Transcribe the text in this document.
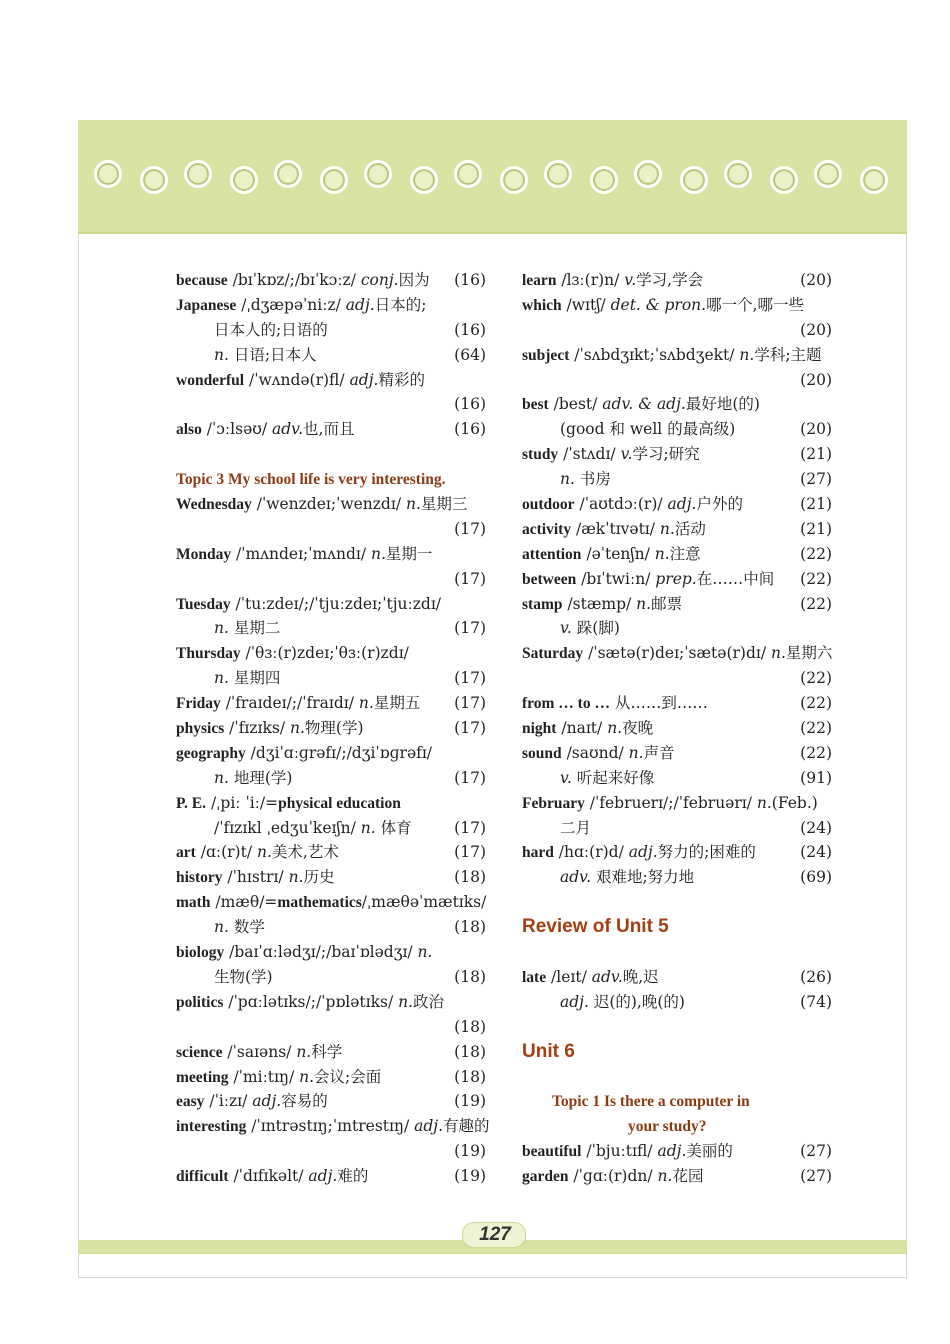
because /bɪˈkɒz/;/bɪˈkɔːz/ conj.因为 (16)
Japanese /ˌdʒæpəˈniːz/ adj.日本的;
日本人的;日语的	(16)
n. 日语;日本人	(64)
wonderful /ˈwʌndə(r)fl/ adj.精彩的
(16)
also /ˈɔːlsəʊ/ adv.也,而且	(16)
Topic 3 My school life is very interesting.
Wednesday /ˈwenzdeɪ;ˈwenzdɪ/ n.星期三
(17)
Monday /ˈmʌndeɪ;ˈmʌndɪ/ n.星期一
(17)
Tuesday /ˈtuːzdeɪ/;/ˈtjuːzdeɪ;ˈtjuːzdɪ/
n. 星期二	(17)
Thursday /ˈθɜː(r)zdeɪ;ˈθɜː(r)zdɪ/
n. 星期四	(17)
Friday /ˈfraɪdeɪ/;/ˈfraɪdɪ/ n.星期五 (17)
physics /ˈfɪzɪks/ n.物理(学)	(17)
geography /dʒiˈɑːɡrəfɪ/;/dʒiˈɒɡrəfɪ/
n. 地理(学)	(17)
P. E. /ˌpiː ˈiː/=physical education
/ˈfɪzɪkl ˌedʒuˈkeɪʃn/ n. 体育	(17)
art /ɑː(r)t/ n.美术,艺术	(17)
history /ˈhɪstrɪ/ n.历史	(18)
math /mæθ/=mathematics/ˌmæθəˈmætɪks/
n. 数学	(18)
biology /baɪˈɑːlədʒɪ/;/baɪˈɒlədʒɪ/ n.
生物(学)	(18)
politics /ˈpɑːlətɪks/;/ˈpɒlətɪks/ n.政治
(18)
science /ˈsaɪəns/ n.科学	(18)
meeting /ˈmiːtɪŋ/ n.会议;会面	(18)
easy /ˈiːzɪ/ adj.容易的	(19)
interesting /ˈɪntrəstɪŋ;ˈɪntrestɪŋ/ adj.有趣的
(19)
difficult /ˈdɪfɪkəlt/ adj.难的	(19)
learn /lɜː(r)n/ v.学习,学会	(20)
which /wɪtʃ/ det. & pron.哪一个,哪一些
(20)
subject /ˈsʌbdʒɪkt;ˈsʌbdʒekt/ n.学科;主题
(20)
best /best/ adv. & adj.最好地(的)
(good 和 well 的最高级)	(20)
study /ˈstʌdɪ/ v.学习;研究	(21)
n. 书房	(27)
outdoor /ˈaʊtdɔː(r)/ adj.户外的	(21)
activity /ækˈtɪvətɪ/ n.活动	(21)
attention /əˈtenʃn/ n.注意	(22)
between /bɪˈtwiːn/ prep.在……中间 (22)
stamp /stæmp/ n.邮票	(22)
v. 跺(脚)
Saturday /ˈsætə(r)deɪ;ˈsætə(r)dɪ/ n.星期六
(22)
from … to … 从……到……	(22)
night /naɪt/ n.夜晚	(22)
sound /saʊnd/ n.声音	(22)
v. 听起来好像	(91)
February /ˈfebruerɪ/;/ˈfebruərɪ/ n.(Feb.)
二月	(24)
hard /hɑː(r)d/ adj.努力的;困难的	(24)
adv. 艰难地;努力地	(69)
Review of Unit 5
late /leɪt/ adv.晚,迟	(26)
adj. 迟(的),晚(的)	(74)
Unit 6
Topic 1 Is there a computer in
your study?
beautiful /ˈbjuːtɪfl/ adj.美丽的	(27)
garden /ˈɡɑː(r)dn/ n.花园	(27)
127
